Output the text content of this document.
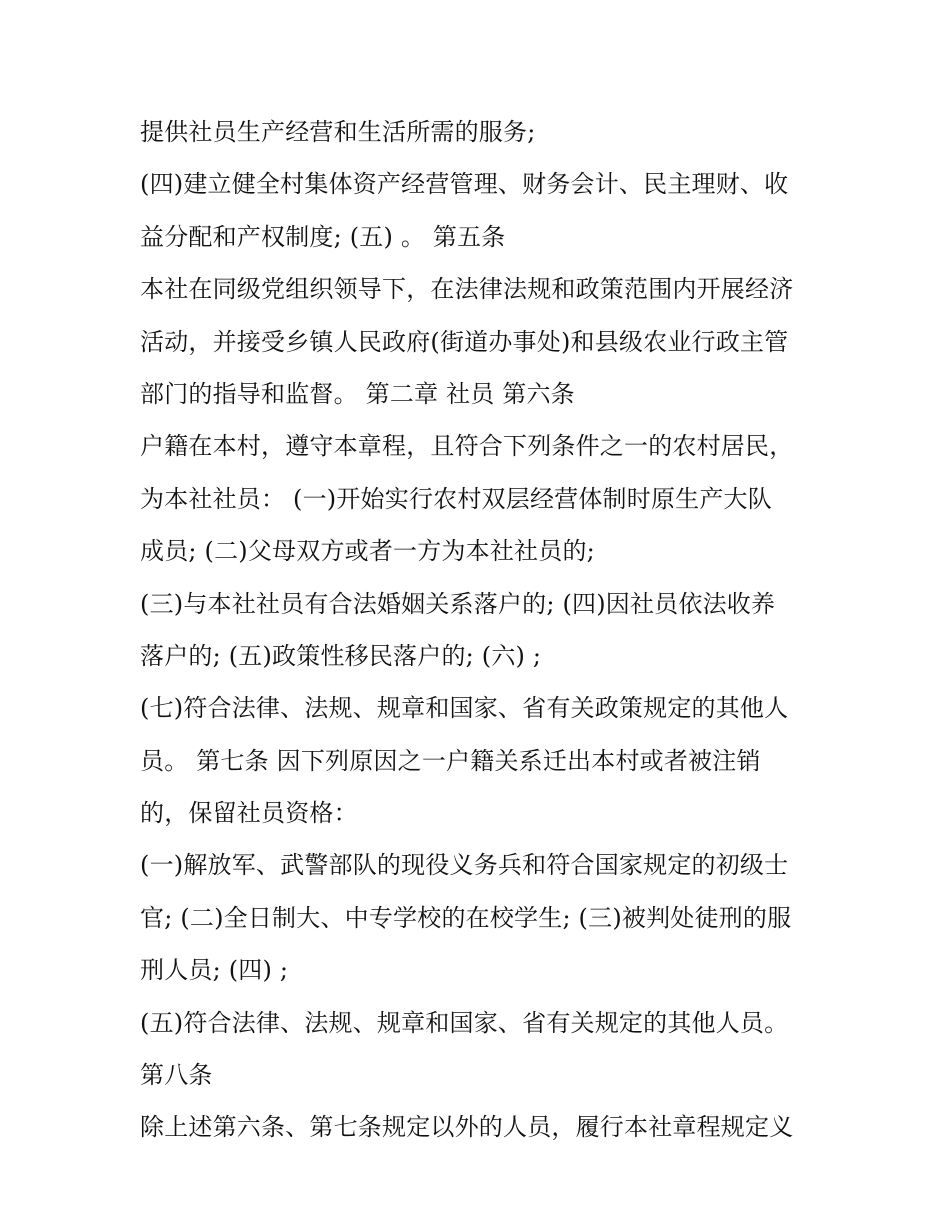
提供社员生产经营和生活所需的服务;
(四)建立健全村集体资产经营管理、财务会计、民主理财、收
益分配和产权制度; (五) 。 第五条
本社在同级党组织领导下，在法律法规和政策范围内开展经济
活动，并接受乡镇人民政府(街道办事处)和县级农业行政主管
部门的指导和监督。 第二章 社员 第六条
户籍在本村，遵守本章程，且符合下列条件之一的农村居民，
为本社社员： (一)开始实行农村双层经营体制时原生产大队
成员; (二)父母双方或者一方为本社社员的;
(三)与本社社员有合法婚姻关系落户的; (四)因社员依法收养
落户的; (五)政策性移民落户的; (六) ;
(七)符合法律、法规、规章和国家、省有关政策规定的其他人
员。 第七条 因下列原因之一户籍关系迁出本村或者被注销
的，保留社员资格：
(一)解放军、武警部队的现役义务兵和符合国家规定的初级士
官; (二)全日制大、中专学校的在校学生; (三)被判处徒刑的服
刑人员; (四) ;
(五)符合法律、法规、规章和国家、省有关规定的其他人员。
第八条
除上述第六条、第七条规定以外的人员，履行本社章程规定义
